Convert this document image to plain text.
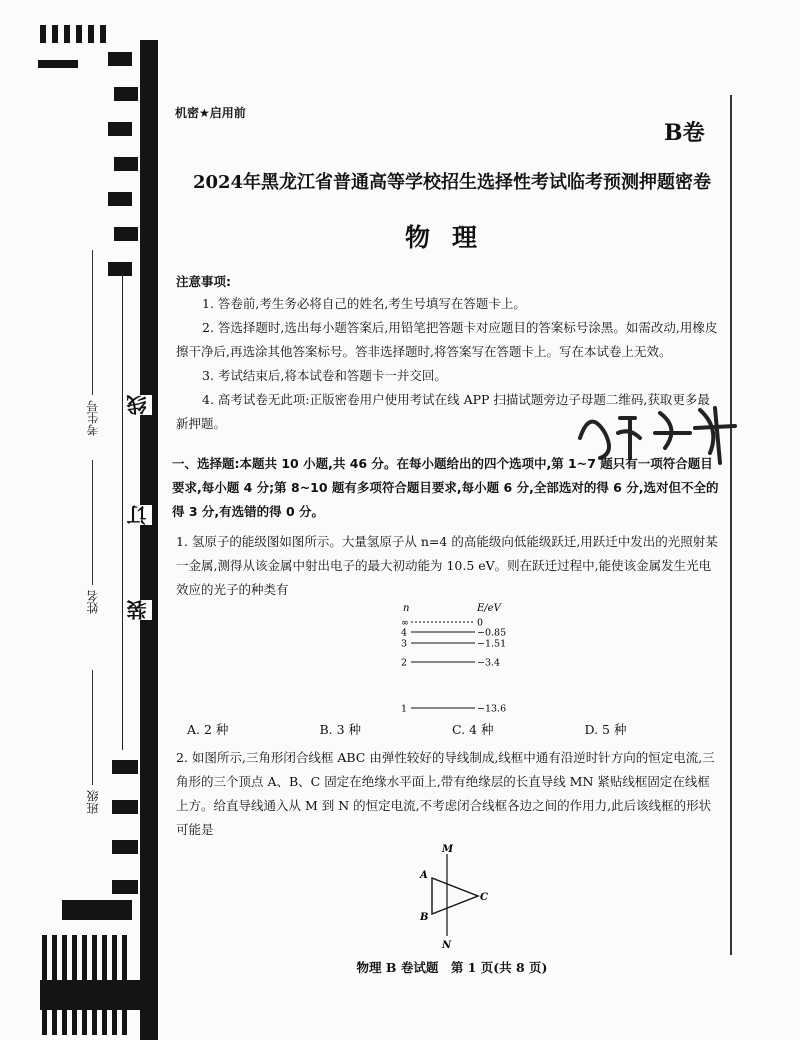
考生号
姓名
班级
线
订
装
机密★启用前
B卷
2024年黑龙江省普通高等学校招生选择性考试临考预测押题密卷
物理
注意事项:
1. 答卷前,考生务必将自己的姓名,考生号填写在答题卡上。
2. 答选择题时,选出每小题答案后,用铅笔把答题卡对应题目的答案标号涂黑。如需改动,用橡皮擦干净后,再选涂其他答案标号。答非选择题时,将答案写在答题卡上。写在本试卷上无效。
3. 考试结束后,将本试卷和答题卡一并交回。
4. 高考试卷无此项:正版密卷用户使用考试在线 APP 扫描试题旁边子母题二维码,获取更多最新押题。
一、选择题:本题共 10 小题,共 46 分。在每小题给出的四个选项中,第 1~7 题只有一项符合题目要求,每小题 4 分;第 8~10 题有多项符合题目要求,每小题 6 分,全部选对的得 6 分,选对但不全的得 3 分,有选错的得 0 分。
1. 氢原子的能级图如图所示。大量氢原子从 n=4 的高能级向低能级跃迁,用跃迁中发出的光照射某一金属,测得从该金属中射出电子的最大初动能为 10.5 eV。则在跃迁过程中,能使该金属发生光电效应的光子的种类有
n	E/eV
∞	0
4	−0.85
3	−1.51
2	−3.4
1	−13.6
A. 2 种	B. 3 种	C. 4 种	D. 5 种
2. 如图所示,三角形闭合线框 ABC 由弹性较好的导线制成,线框中通有沿逆时针方向的恒定电流,三角形的三个顶点 A、B、C 固定在绝缘水平面上,带有绝缘层的长直导线 MN 紧贴线框固定在线框上方。给直导线通入从 M 到 N 的恒定电流,不考虑闭合线框各边之间的作用力,此后该线框的形状可能是
M
N
A
B
C
物理 B 卷试题　第 1 页(共 8 页)
